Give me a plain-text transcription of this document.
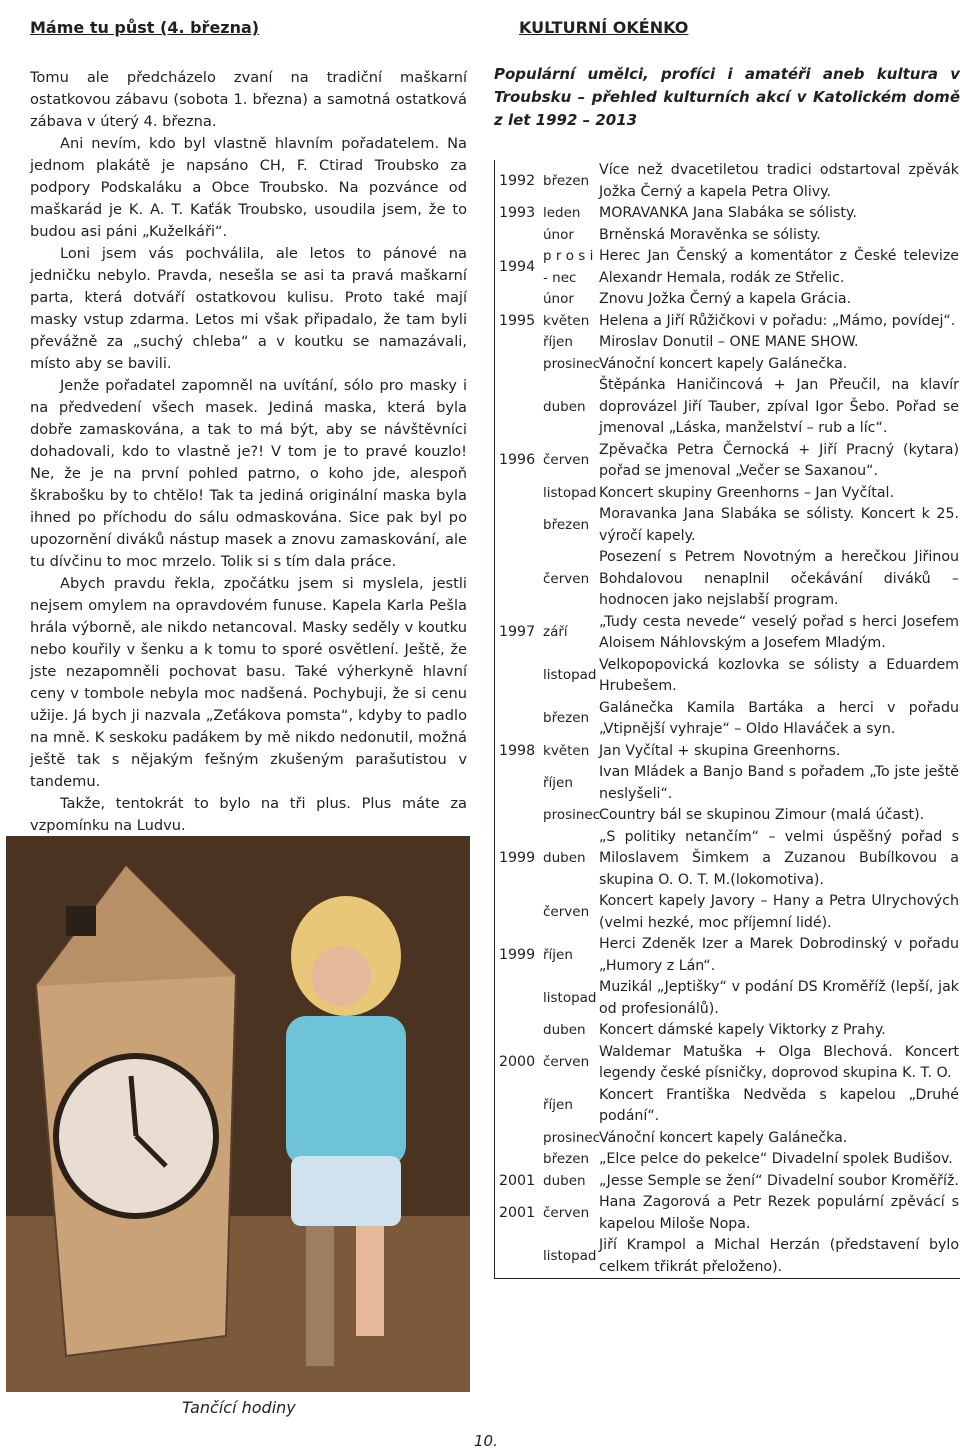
Máme tu půst (4. března)

Tomu ale předcházelo zvaní na tradiční maškarní ostatkovou zábavu (sobota 1. března) a samotná ostatková zábava v úterý 4. března.

Ani nevím, kdo byl vlastně hlavním pořadatelem. Na jednom plakátě je napsáno CH, F. Ctirad Troubsko za podpory Podskaláku a Obce Troubsko. Na pozvánce od maškarád je K. A. T. Kaťák Troubsko, usoudila jsem, že to budou asi páni „Kuželkáři“.

Loni jsem vás pochválila, ale letos to pánové na jedničku nebylo. Pravda, nesešla se asi ta pravá maškarní parta, která dotváří ostatkovou kulisu. Proto také mají masky vstup zdarma. Letos mi však připadalo, že tam byli převážně za „suchý chleba“ a v koutku se namazávali, místo aby se bavili.

Jenže pořadatel zapomněl na uvítání, sólo pro masky i na předvedení všech masek. Jediná maska, která byla dobře zamaskována, a tak to má být, aby se návštěvníci dohadovali, kdo to vlastně je?! V tom je to pravé kouzlo! Ne, že je na první pohled patrno, o koho jde, alespoň škrabošku by to chtělo! Tak ta jediná originální maska byla ihned po příchodu do sálu odmaskována. Sice pak byl po upozornění diváků nástup masek a znovu zamaskování, ale tu dívčinu to moc mrzelo. Tolik si s tím dala práce.

Abych pravdu řekla, zpočátku jsem si myslela, jestli nejsem omylem na opravdovém funuse. Kapela Karla Pešla hrála výborně, ale nikdo netancoval. Masky seděly v koutku nebo kouřily v šenku a k tomu to sporé osvětlení. Ještě, že jste nezapomněli pochovat basu. Také výherkyně hlavní ceny v tombole nebyla moc nadšená. Pochybuji, že si cenu užije. Já bych ji nazvala „Zeťákova pomsta“, kdyby to padlo na mně. K seskoku padákem by mě nikdo nedonutil, možná ještě tak s nějakým fešným zkušeným parašutistou v tandemu.

Takže, tentokrát to bylo na tři plus. Plus máte za vzpomínku na Ludvu.

Tančící hodiny
KULTURNÍ OKÉNKO
Populární umělci, profíci i amatéři aneb kultura v Troubsku – přehled kulturních akcí v Katolickém domě z let 1992 – 2013
1992	březen	Více než dvacetiletou tradici odstartoval zpěvák Jožka Černý a kapela Petra Olivy.
1993	leden	MORAVANKA Jana Slabáka se sólisty.
	únor	Brněnská Moravěnka se sólisty.
1994	p r o s i - nec	Herec Jan Čenský a komentátor z České televize Alexandr Hemala, rodák ze Střelic.
	únor	Znovu Jožka Černý a kapela Grácia.
1995	květen	Helena a Jiří Růžičkovi v pořadu: „Mámo, povídej“.
	říjen	Miroslav Donutil – ONE MANE SHOW.
	prosinec	Vánoční koncert kapely Galánečka.
	duben	Štěpánka Haničincová + Jan Přeučil, na klavír doprovázel Jiří Tauber, zpíval Igor Šebo. Pořad se jmenoval „Láska, manželství – rub a líc“.
1996	červen	Zpěvačka Petra Černocká + Jiří Pracný (kytara) pořad se jmenoval „Večer se Saxanou“.
	listopad	Koncert skupiny Greenhorns – Jan Vyčítal.
	březen	Moravanka Jana Slabáka se sólisty. Koncert k 25. výročí kapely.
	červen	Posezení s Petrem Novotným a herečkou Jiřinou Bohdalovou nenaplnil očekávání diváků – hodnocen jako nejslabší program.
1997	září	„Tudy cesta nevede“ veselý pořad s herci Josefem Aloisem Náhlovským a Josefem Mladým.
	listopad	Velkopopovická kozlovka se sólisty a Eduardem Hrubešem.
	březen	Galánečka Kamila Bartáka a herci v pořadu „Vtipnější vyhraje“ – Oldo Hlaváček a syn.
1998	květen	Jan Vyčítal + skupina Greenhorns.
	říjen	Ivan Mládek a Banjo Band s pořadem „To jste ještě neslyšeli“.
	prosinec	Country bál se skupinou Zimour (malá účast).
1999	duben	„S politiky netančím“ – velmi úspěšný pořad s Miloslavem Šimkem a Zuzanou Bubílkovou a skupina O. O. T. M.(lokomotiva).
	červen	Koncert kapely Javory – Hany a Petra Ulrychových (velmi hezké, moc příjemní lidé).
1999	říjen	Herci Zdeněk Izer a Marek Dobrodinský v pořadu „Humory z Lán“.
	listopad	Muzikál „Jeptišky“ v podání DS Kroměříž (lepší, jak od profesionálů).
	duben	Koncert dámské kapely Viktorky z Prahy.
2000	červen	Waldemar Matuška + Olga Blechová. Koncert legendy české písničky, doprovod skupina K. T. O.
	říjen	Koncert Františka Nedvěda s kapelou „Druhé podání“.
	prosinec	Vánoční koncert kapely Galánečka.
	březen	„Elce pelce do pekelce“ Divadelní spolek Budišov.
2001	duben	„Jesse Semple se žení“ Divadelní soubor Kroměříž.
2001	červen	Hana Zagorová a Petr Rezek populární zpěvácí s kapelou Miloše Nopa.
	listopad	Jiří Krampol a Michal Herzán (představení bylo celkem třikrát přeloženo).
10.
